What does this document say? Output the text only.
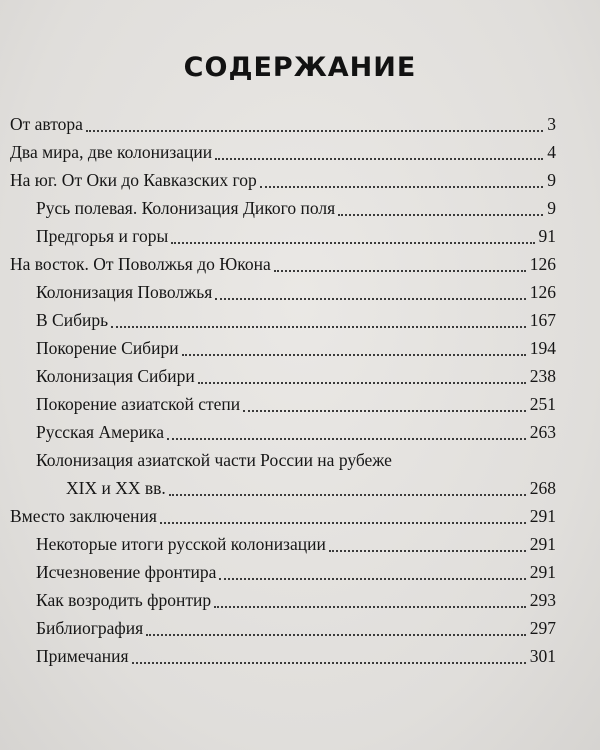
СОДЕРЖАНИЕ
От автора	3
Два мира, две колонизации	4
На юг. От Оки до Кавказских гор	9
Русь полевая. Колонизация Дикого поля	9
Предгорья и горы	91
На восток. От Поволжья до Юкона	126
Колонизация Поволжья	126
В Сибирь	167
Покорение Сибири	194
Колонизация Сибири	238
Покорение азиатской степи	251
Русская Америка	263
Колонизация азиатской части России на рубеже
XIX и XX вв.	268
Вместо заключения	291
Некоторые итоги русской колонизации	291
Исчезновение фронтира	291
Как возродить фронтир	293
Библиография	297
Примечания	301
